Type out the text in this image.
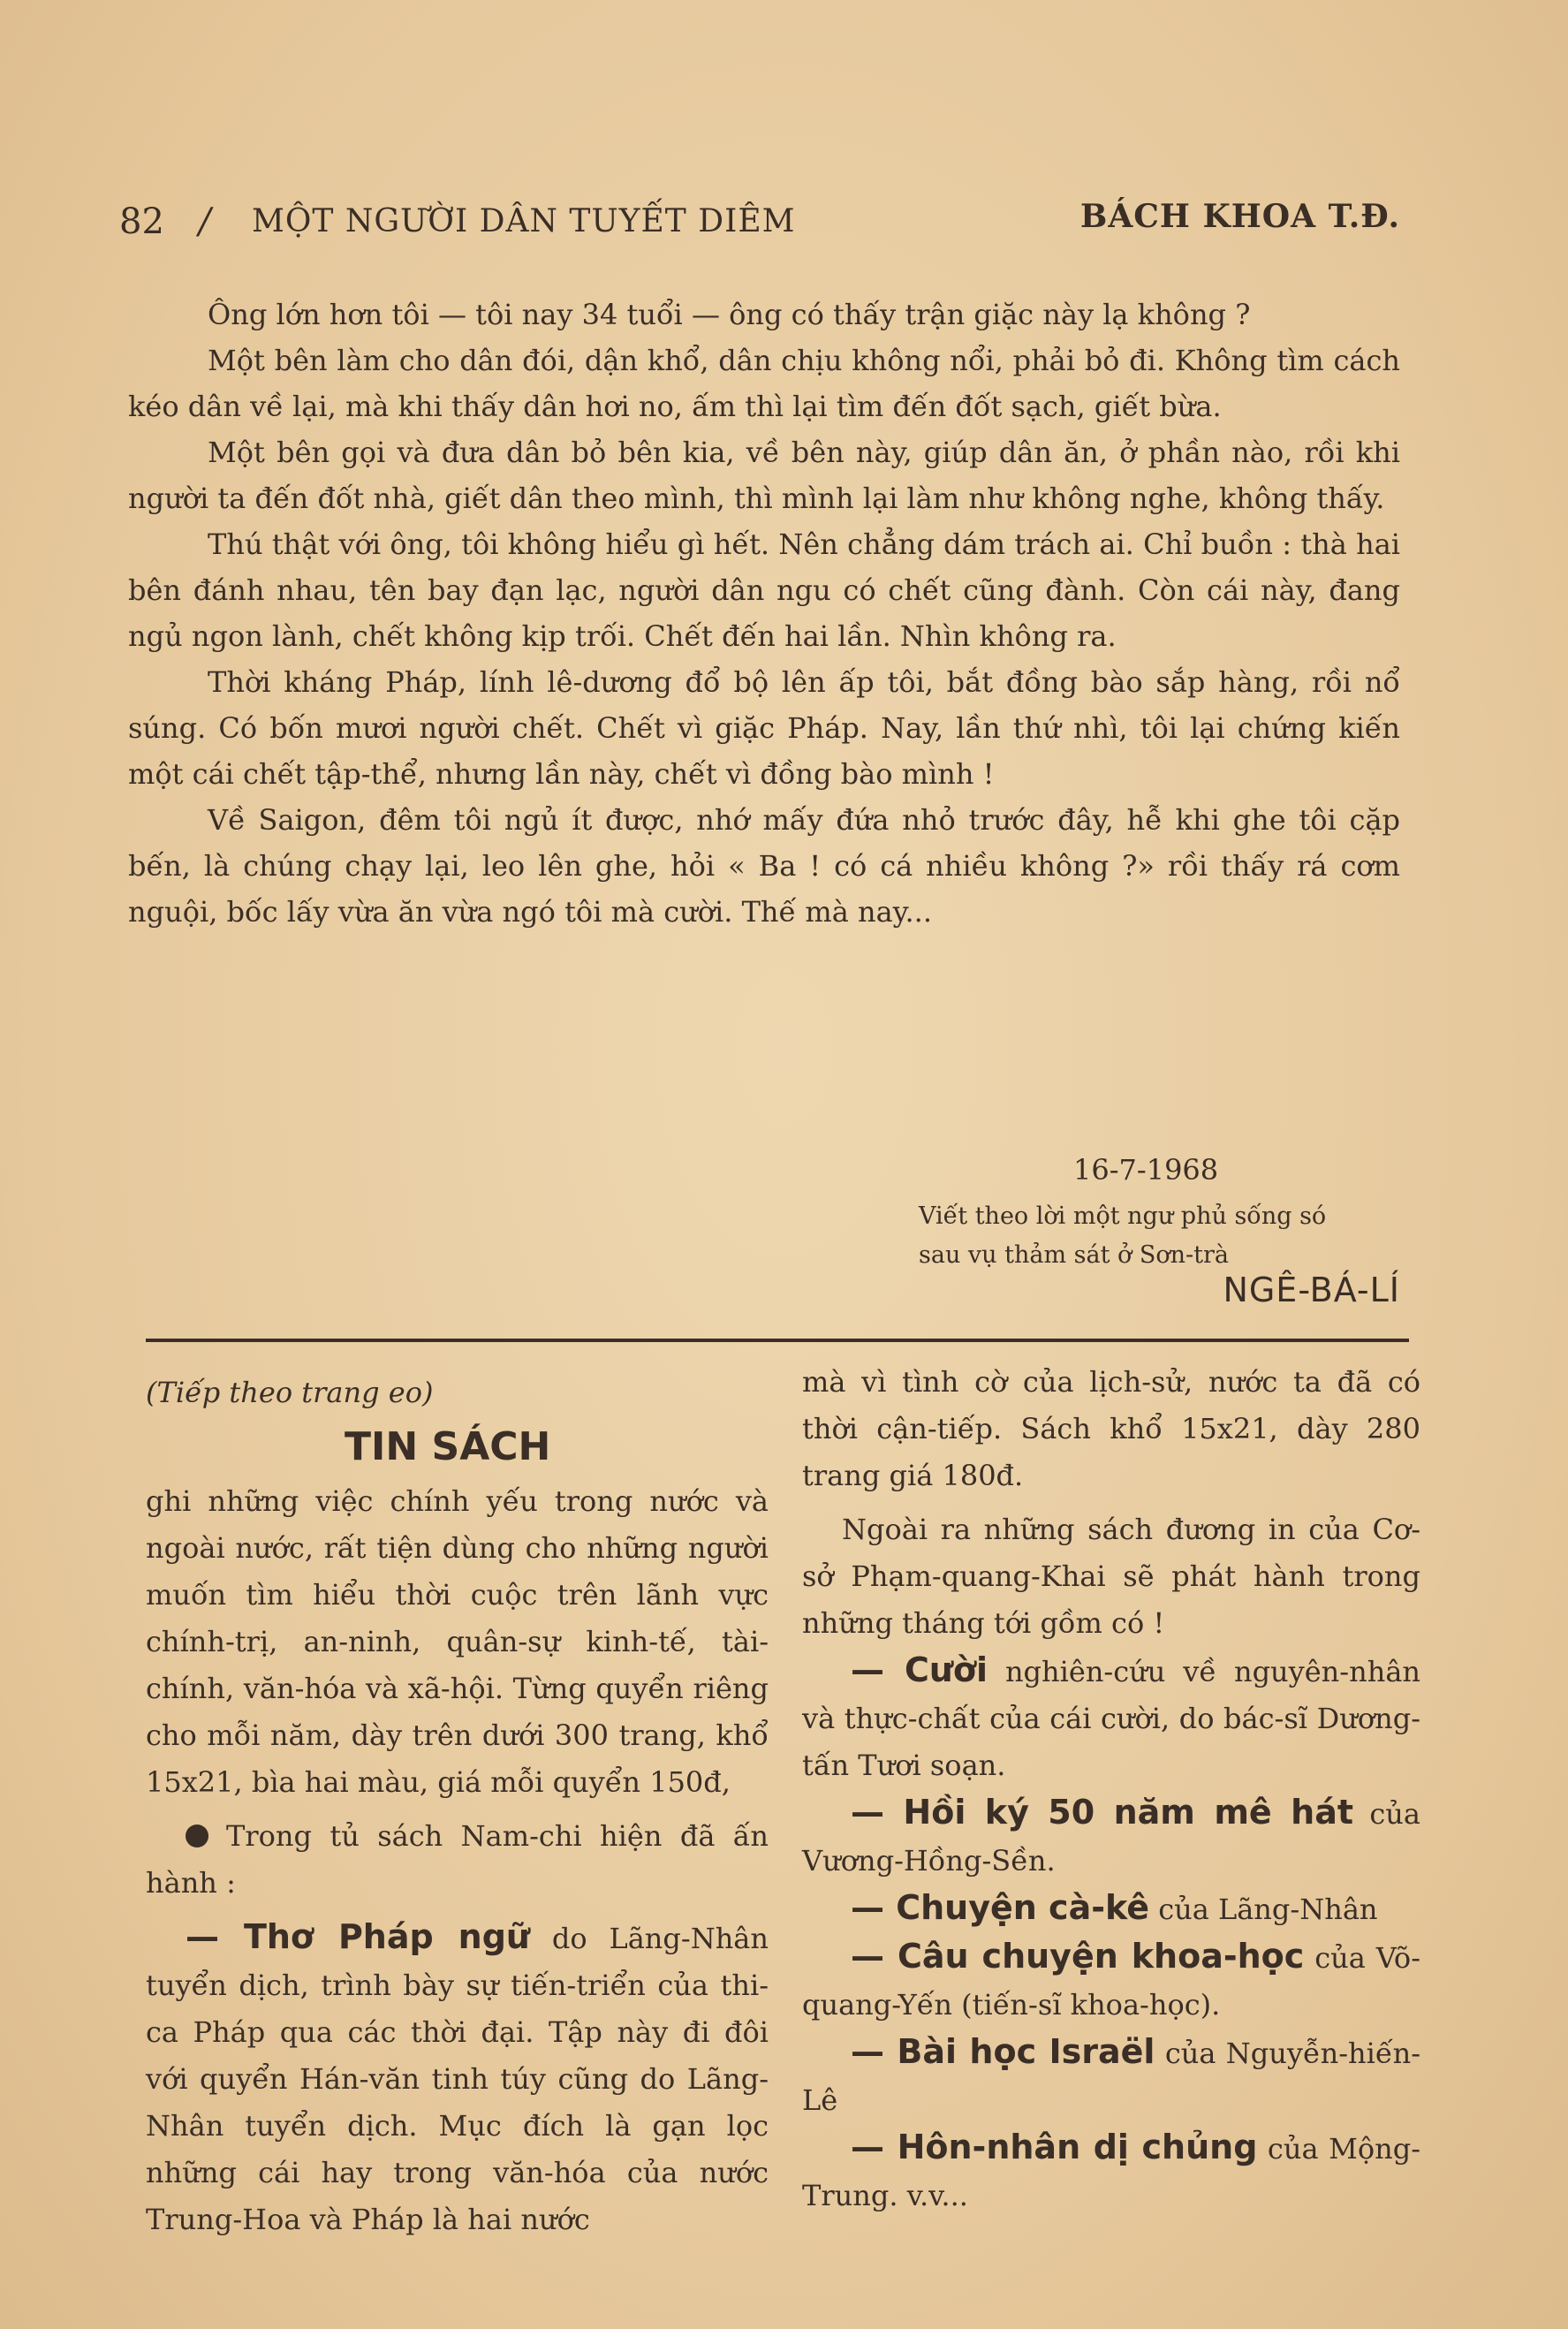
82 / MỘT NGƯỜI DÂN TUYẾT DIÊM	BÁCH KHOA T.Đ.

Ông lớn hơn tôi — tôi nay 34 tuổi — ông có thấy trận giặc này lạ không ?

Một bên làm cho dân đói, dận khổ, dân chịu không nổi, phải bỏ đi. Không tìm cách kéo dân về lại, mà khi thấy dân hơi no, ấm thì lại tìm đến đốt sạch, giết bừa.

Một bên gọi và đưa dân bỏ bên kia, về bên này, giúp dân ăn, ở phần nào, rồi khi người ta đến đốt nhà, giết dân theo mình, thì mình lại làm như không nghe, không thấy.

Thú thật với ông, tôi không hiểu gì hết. Nên chẳng dám trách ai. Chỉ buồn : thà hai bên đánh nhau, tên bay đạn lạc, người dân ngu có chết cũng đành. Còn cái này, đang ngủ ngon lành, chết không kịp trối. Chết đến hai lần. Nhìn không ra.

Thời kháng Pháp, lính lê-dương đổ bộ lên ấp tôi, bắt đồng bào sắp hàng, rồi nổ súng. Có bốn mươi người chết. Chết vì giặc Pháp. Nay, lần thứ nhì, tôi lại chứng kiến một cái chết tập-thể, nhưng lần này, chết vì đồng bào mình !

Về Saigon, đêm tôi ngủ ít được, nhớ mấy đứa nhỏ trước đây, hễ khi ghe tôi cặp bến, là chúng chạy lại, leo lên ghe, hỏi « Ba ! có cá nhiều không ?» rồi thấy rá cơm nguội, bốc lấy vừa ăn vừa ngó tôi mà cười. Thế mà nay...

16-7-1968
Viết theo lời một ngư phủ sống só
sau vụ thảm sát ở Sơn-trà
NGÊ-BÁ-LÍ

(Tiếp theo trang eo)

TIN SÁCH

ghi những việc chính yếu trong nước và ngoài nước, rất tiện dùng cho những người muốn tìm hiểu thời cuộc trên lãnh vực chính-trị, an-ninh, quân-sự kinh-tế, tài-chính, văn-hóa và xã-hội. Từng quyển riêng cho mỗi năm, dày trên dưới 300 trang, khổ 15x21, bìa hai màu, giá mỗi quyển 150đ,

Trong tủ sách Nam-chi hiện đã ấn hành :

— Thơ Pháp ngữ do Lãng-Nhân tuyển dịch, trình bày sự tiến-triển của thi-ca Pháp qua các thời đại. Tập này đi đôi với quyển Hán-văn tinh túy cũng do Lãng-Nhân tuyển dịch. Mục đích là gạn lọc những cái hay trong văn-hóa của nước Trung-Hoa và Pháp là hai nước

mà vì tình cờ của lịch-sử, nước ta đã có thời cận-tiếp. Sách khổ 15x21, dày 280 trang giá 180đ.

Ngoài ra những sách đương in của Cơ-sở Phạm-quang-Khai sẽ phát hành trong những tháng tới gồm có !

— Cười nghiên-cứu về nguyên-nhân và thực-chất của cái cười, do bác-sĩ Dương-tấn Tươi soạn.

— Hồi ký 50 năm mê hát của Vương-Hồng-Sền.

— Chuyện cà-kê của Lãng-Nhân

— Câu chuyện khoa-học của Võ-quang-Yến (tiến-sĩ khoa-học).

— Bài học Israël của Nguyễn-hiến-Lê

— Hôn-nhân dị chủng của Mộng-Trung. v.v...
